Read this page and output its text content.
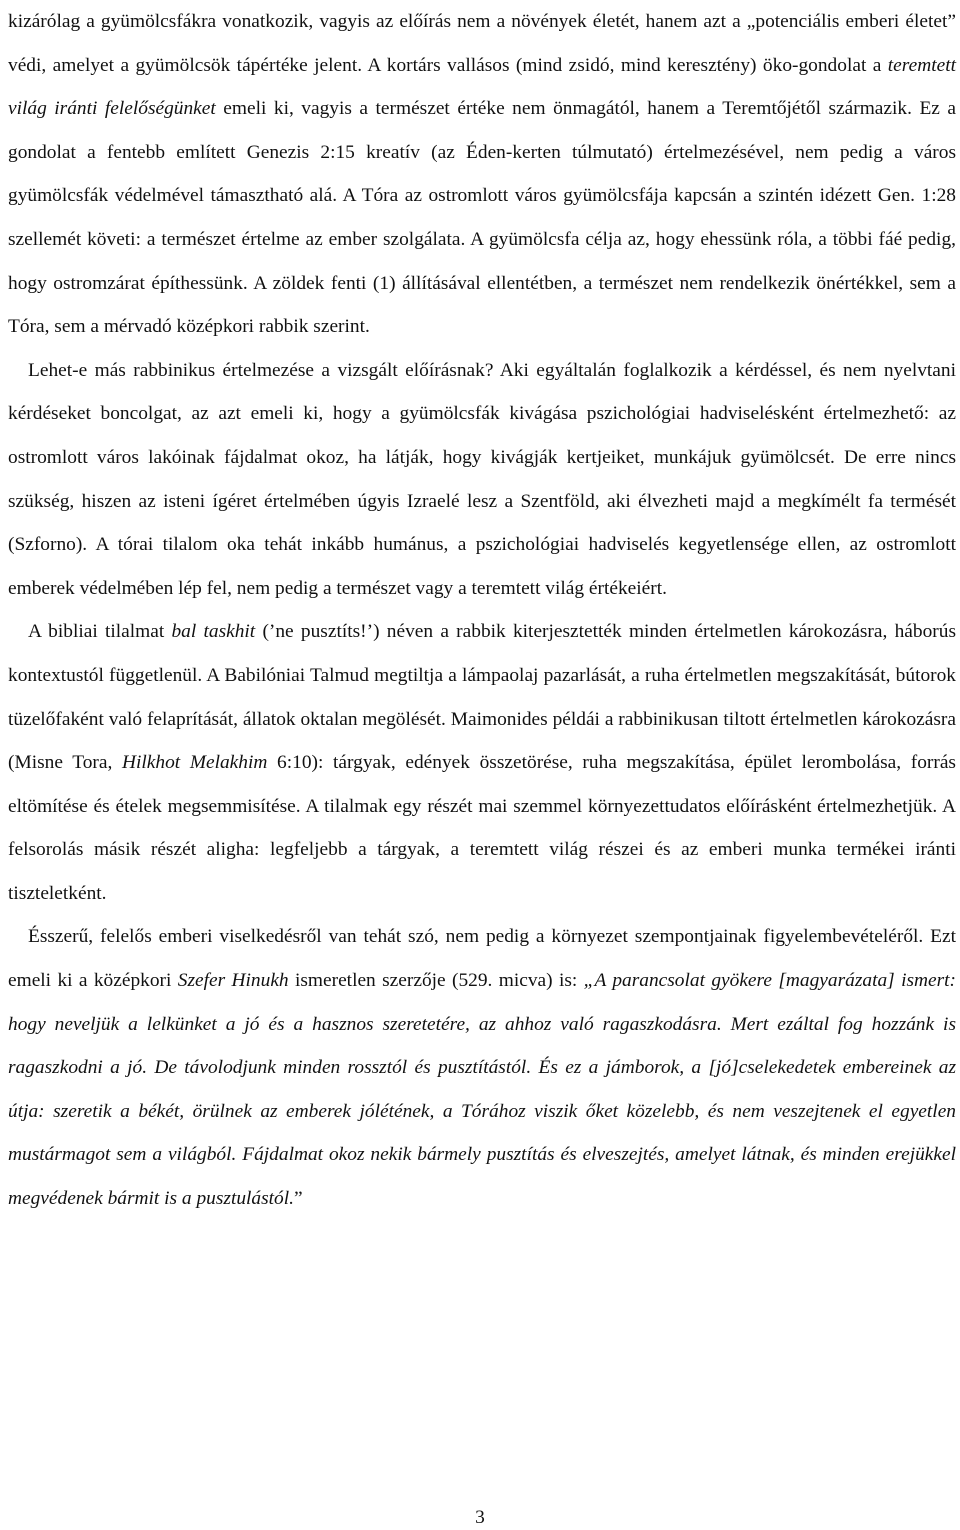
kizárólag a gyümölcsfákra vonatkozik, vagyis az előírás nem a növények életét, hanem azt a „potenciális emberi életet” védi, amelyet a gyümölcsök tápértéke jelent. A kortárs vallásos (mind zsidó, mind keresztény) öko-gondolat a teremtett világ iránti felelőségünket emeli ki, vagyis a természet értéke nem önmagától, hanem a Teremtőjétől származik. Ez a gondolat a fentebb említett Genezis 2:15 kreatív (az Éden-kerten túlmutató) értelmezésével, nem pedig a város gyümölcsfák védelmével támasztható alá. A Tóra az ostromlott város gyümölcsfája kapcsán a szintén idézett Gen. 1:28 szellemét követi: a természet értelme az ember szolgálata. A gyümölcsfa célja az, hogy ehessünk róla, a többi fáé pedig, hogy ostromzárat építhessünk. A zöldek fenti (1) állításával ellentétben, a természet nem rendelkezik önértékkel, sem a Tóra, sem a mérvadó középkori rabbik szerint.

Lehet-e más rabbinikus értelmezése a vizsgált előírásnak? Aki egyáltalán foglalkozik a kérdéssel, és nem nyelvtani kérdéseket boncolgat, az azt emeli ki, hogy a gyümölcsfák kivágása pszichológiai hadviselésként értelmezhető: az ostromlott város lakóinak fájdalmat okoz, ha látják, hogy kivágják kertjeiket, munkájuk gyümölcsét. De erre nincs szükség, hiszen az isteni ígéret értelmében úgyis Izraelé lesz a Szentföld, aki élvezheti majd a megkímélt fa termését (Szforno). A tórai tilalom oka tehát inkább humánus, a pszichológiai hadviselés kegyetlensége ellen, az ostromlott emberek védelmében lép fel, nem pedig a természet vagy a teremtett világ értékeiért.

A bibliai tilalmat bal taskhit (’ne pusztíts!’) néven a rabbik kiterjesztették minden értelmetlen károkozásra, háborús kontextustól függetlenül. A Babilóniai Talmud megtiltja a lámpaolaj pazarlását, a ruha értelmetlen megszakítását, bútorok tüzelőfaként való felaprítását, állatok oktalan megölését. Maimonides példái a rabbinikusan tiltott értelmetlen károkozásra (Misne Tora, Hilkhot Melakhim 6:10): tárgyak, edények összetörése, ruha megszakítása, épület lerombolása, forrás eltömítése és ételek megsemmisítése. A tilalmak egy részét mai szemmel környezettudatos előírásként értelmezhetjük. A felsorolás másik részét aligha: legfeljebb a tárgyak, a teremtett világ részei és az emberi munka termékei iránti tiszteletként.

Ésszerű, felelős emberi viselkedésről van tehát szó, nem pedig a környezet szempontjainak figyelembevételéről. Ezt emeli ki a középkori Szefer Hinukh ismeretlen szerzője (529. micva) is: „A parancsolat gyökere [magyarázata] ismert: hogy neveljük a lelkünket a jó és a hasznos szeretetére, az ahhoz való ragaszkodásra. Mert ezáltal fog hozzánk is ragaszkodni a jó. De távolodjunk minden rossztól és pusztítástól. És ez a jámborok, a [jó]cselekedetek embereinek az útja: szeretik a békét, örülnek az emberek jólétének, a Tórához viszik őket közelebb, és nem veszejtenek el egyetlen mustármagot sem a világból. Fájdalmat okoz nekik bármely pusztítás és elveszejtés, amelyet látnak, és minden erejükkel megvédenek bármit is a pusztulástól.”

3
